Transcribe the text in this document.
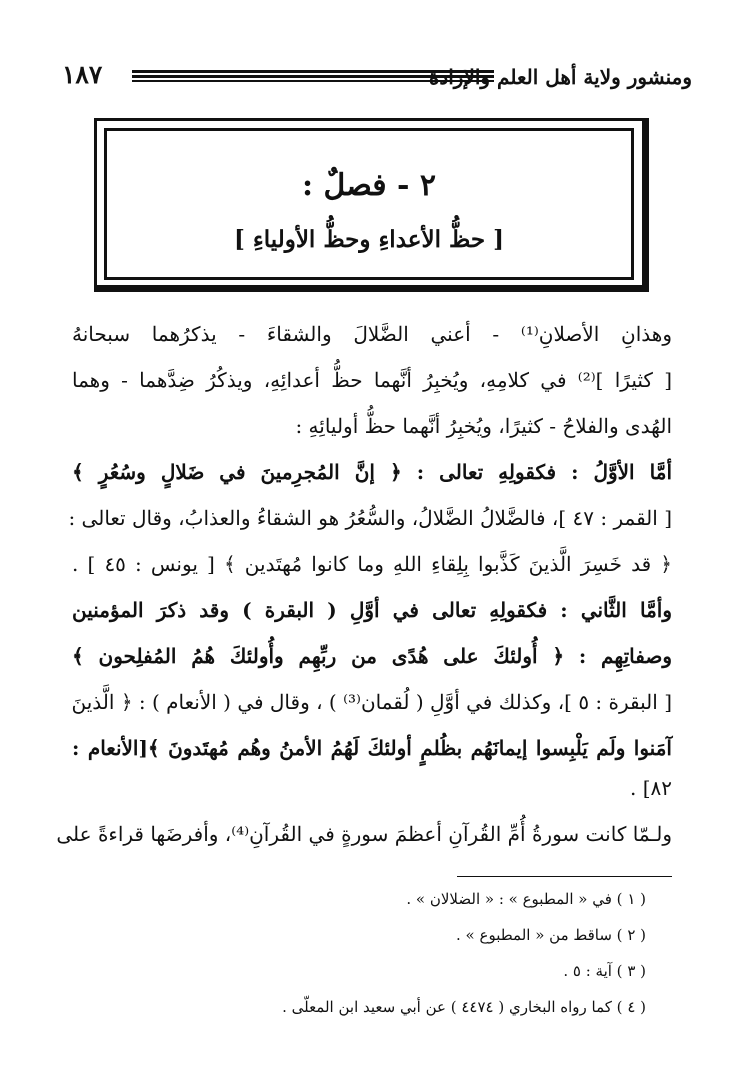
١٨٧	ومنشور ولاية أهل العلم والإرادة
٢ - فصلٌ :
[ حظُّ الأعداءِ وحظُّ الأولياءِ ]
وهذانِ الأصلانِ⁽¹⁾ - أعني الضَّلالَ والشقاءَ - يذكرُهما سبحانهُ
[ كثيرًا ]⁽²⁾ في كلامِهِ، ويُخبِرُ أنَّهما حظُّ أعدائِهِ، ويذكُرُ ضِدَّهما - وهما
الهُدى والفلاحُ - كثيرًا، ويُخبِرُ أنَّهما حظُّ أوليائِهِ :
أمَّا الأوَّلُ : فكقولِهِ تعالى : ﴿ إنَّ المُجرِمينَ في ضَلالٍ وسُعُرٍ ﴾
[ القمر : ٤٧ ]، فالضَّلالُ الضَّلالُ، والسُّعُرُ هو الشقاءُ والعذابُ، وقال تعالى :
﴿ قد خَسِرَ الَّذينَ كَذَّبوا بِلِقاءِ اللهِ وما كانوا مُهتَدين ﴾ [ يونس : ٤٥ ] .
وأمَّا الثَّاني : فكقولِهِ تعالى في أوَّلِ ( البقرة ) وقد ذكرَ المؤمنين
وصفاتِهِم : ﴿ أُولئكَ على هُدًى من ربِّهِم وأُولئكَ هُمُ المُفلِحون ﴾
[ البقرة : ٥ ]، وكذلك في أوَّلِ ( لُقمان⁽³⁾ ) ، وقال في ( الأنعام ) : ﴿ الَّذينَ
آمَنوا ولَم يَلْبِسوا إيمانَهُم بظُلمٍ أولئكَ لَهُمُ الأمنُ وهُم مُهتَدونَ ﴾[الأنعام :
٨٢] .
ولـمّا كانت سورةُ أُمِّ القُرآنِ أعظمَ سورةٍ في القُرآنِ⁽⁴⁾، وأفرضَها قراءةً على
( ١ ) في « المطبوع » : « الضلالان » .
( ٢ ) ساقط من « المطبوع » .
( ٣ ) آية : ٥ .
( ٤ ) كما رواه البخاري ( ٤٤٧٤ ) عن أبي سعيد ابن المعلّى .
